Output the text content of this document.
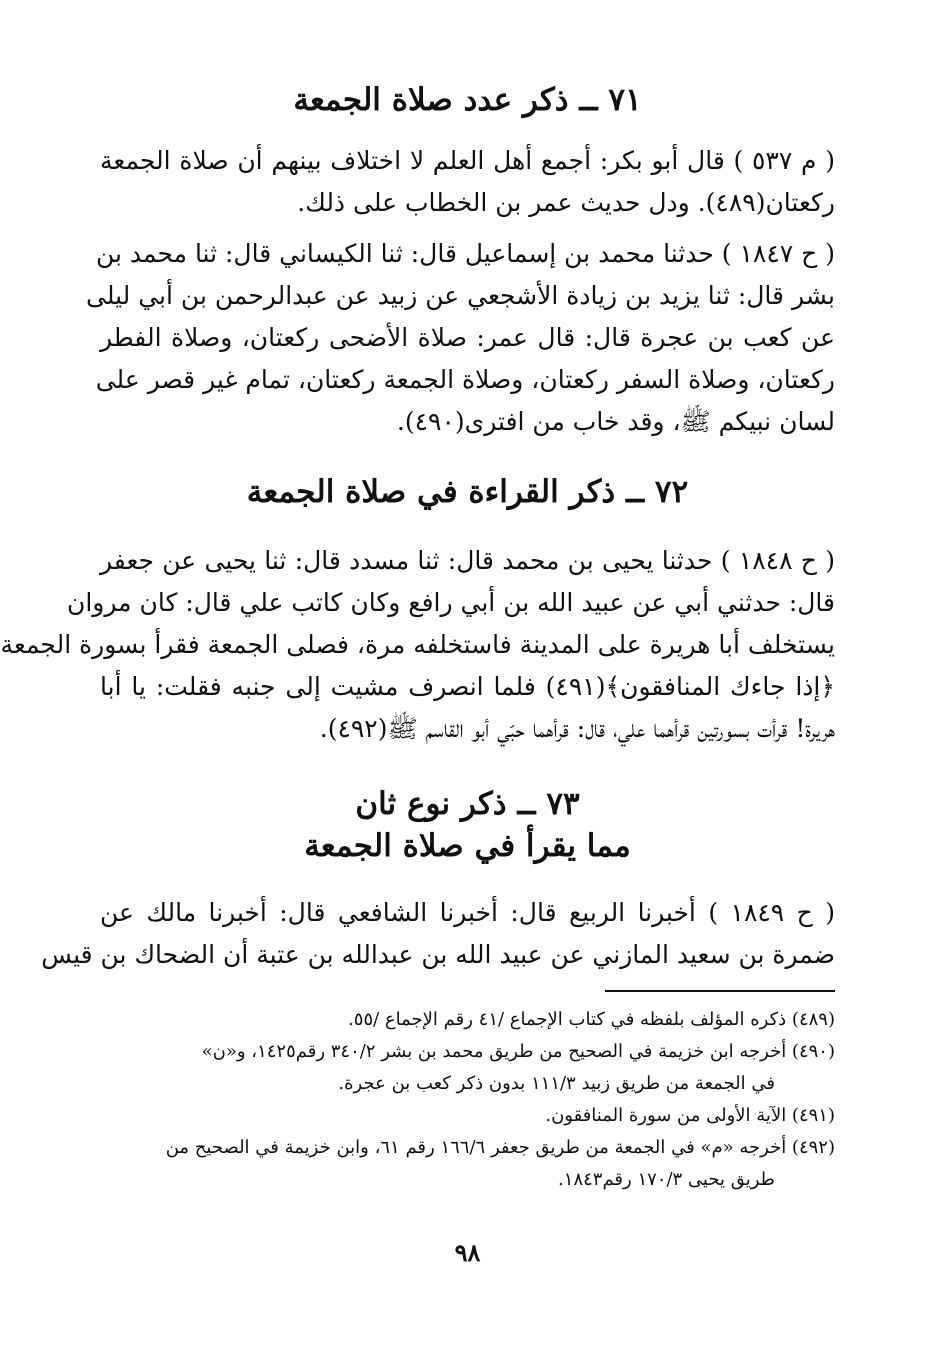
٧١ ــ ذكر عدد صلاة الجمعة
( م ٥٣٧ ) قال أبو بكر: أجمع أهل العلم لا اختلاف بينهم أن صلاة الجمعة
ركعتان(٤٨٩). ودل حديث عمر بن الخطاب على ذلك.
( ح ١٨٤٧ ) حدثنا محمد بن إسماعيل قال: ثنا الكيساني قال: ثنا محمد بن
بشر قال: ثنا يزيد بن زيادة الأشجعي عن زبيد عن عبدالرحمن بن أبي ليلى
عن كعب بن عجرة قال: قال عمر: صلاة الأضحى ركعتان، وصلاة الفطر
ركعتان، وصلاة السفر ركعتان، وصلاة الجمعة ركعتان، تمام غير قصر على
لسان نبيكم ﷺ، وقد خاب من افترى(٤٩٠).
٧٢ ــ ذكر القراءة في صلاة الجمعة
( ح ١٨٤٨ ) حدثنا يحيى بن محمد قال: ثنا مسدد قال: ثنا يحيى عن جعفر
قال: حدثني أبي عن عبيد الله بن أبي رافع وكان كاتب علي قال: كان مروان
يستخلف أبا هريرة على المدينة فاستخلفه مرة، فصلى الجمعة فقرأ بسورة الجمعة
﴿إذا جاءك المنافقون﴾(٤٩١) فلما انصرف مشيت إلى جنبه فقلت: يا أبا
هريرة! قرأت بسورتين قرأهما علي، قال: قرأهما حبّي أبو القاسم ﷺ(٤٩٢).
٧٣ ــ ذكر نوع ثان
مما يقرأ في صلاة الجمعة
( ح ١٨٤٩ ) أخبرنا الربيع قال: أخبرنا الشافعي قال: أخبرنا مالك عن
ضمرة بن سعيد المازني عن عبيد الله بن عبدالله بن عتبة أن الضحاك بن قيس
(٤٨٩) ذكره المؤلف بلفظه في كتاب الإجماع /٤١ رقم الإجماع /٥٥.
(٤٩٠) أخرجه ابن خزيمة في الصحيح من طريق محمد بن بشر ٣٤٠/٢ رقم١٤٢٥، و«ن»
في الجمعة من طريق زبيد ١١١/٣ بدون ذكر كعب بن عجرة.
(٤٩١) الآية الأولى من سورة المنافقون.
(٤٩٢) أخرجه «م» في الجمعة من طريق جعفر ١٦٦/٦ رقم ٦١، وابن خزيمة في الصحيح من
طريق يحيى ١٧٠/٣ رقم١٨٤٣.
٩٨
